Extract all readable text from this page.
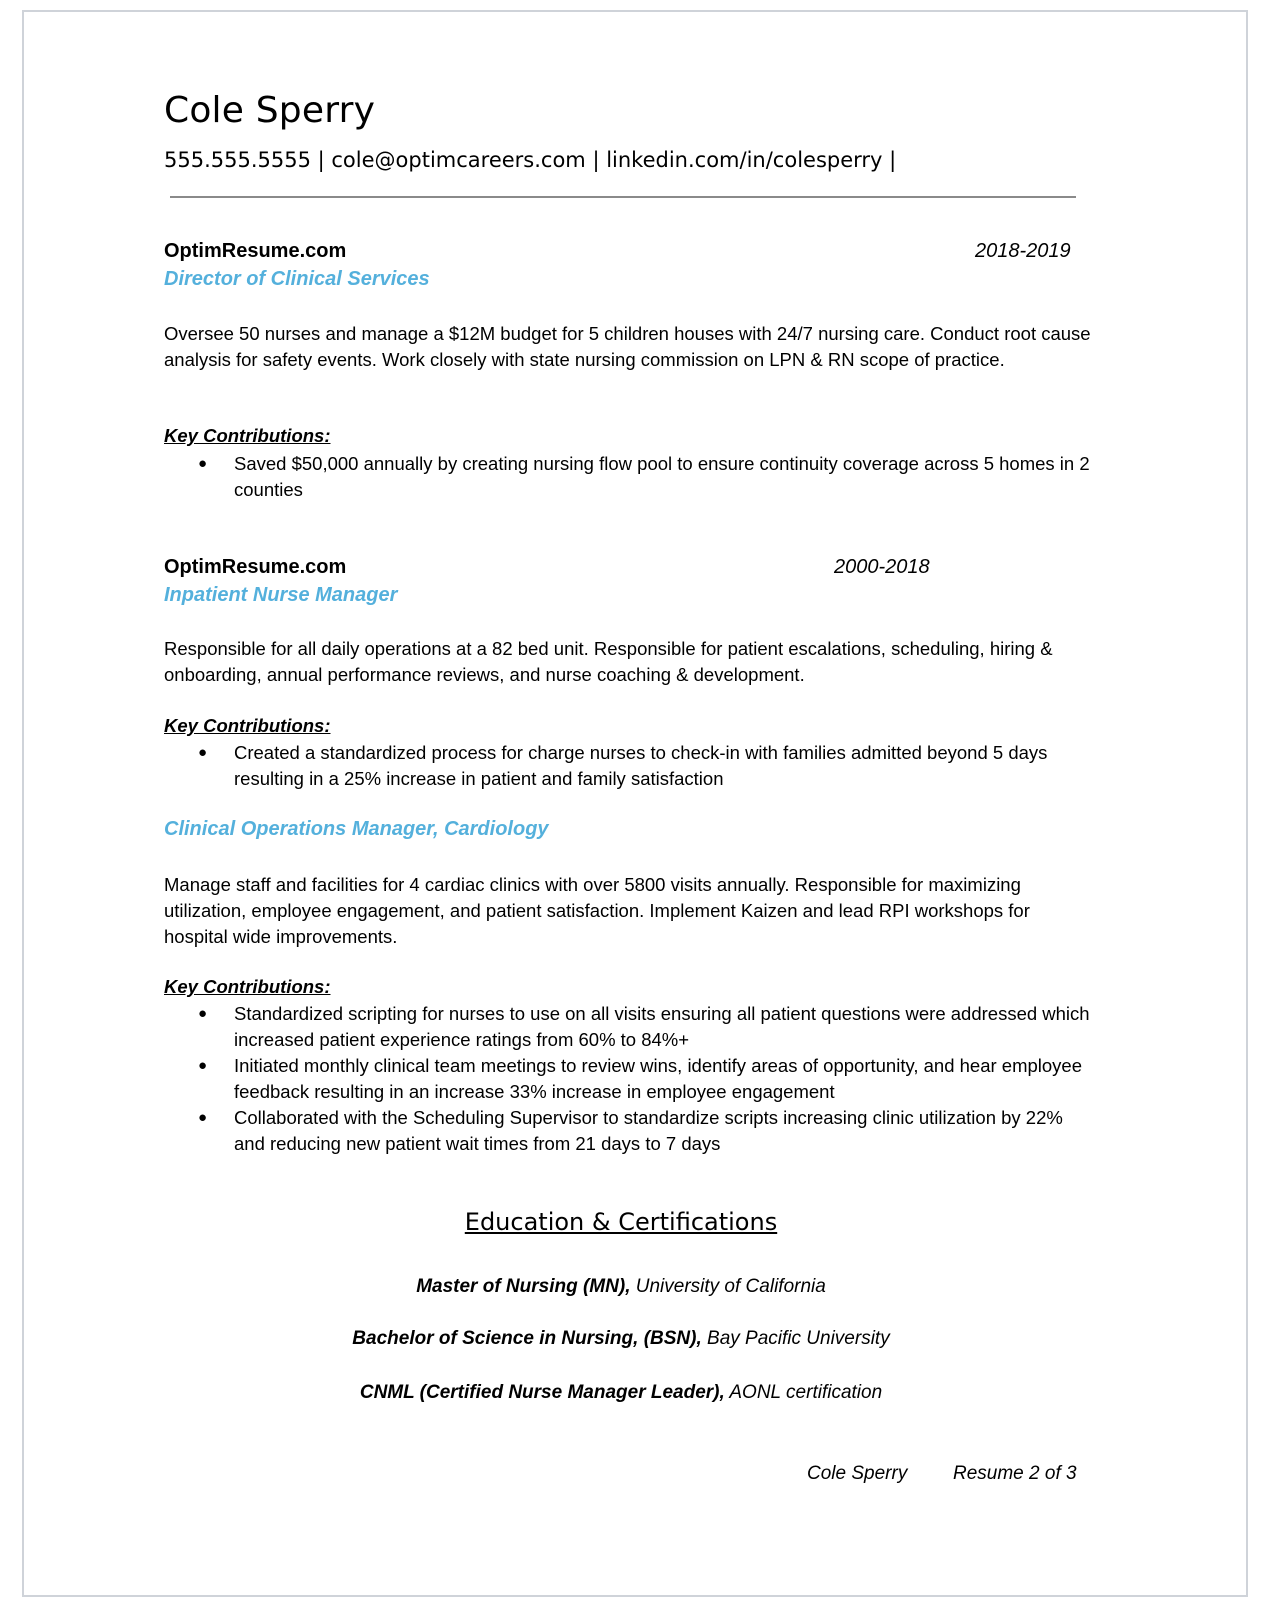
Cole Sperry
555.555.5555 | cole@optimcareers.com | linkedin.com/in/colesperry |
OptimResume.com	2018-2019
Director of Clinical Services
Oversee 50 nurses and manage a $12M budget for 5 children houses with 24/7 nursing care. Conduct root cause analysis for safety events. Work closely with state nursing commission on LPN & RN scope of practice.
Key Contributions:
● Saved $50,000 annually by creating nursing flow pool to ensure continuity coverage across 5 homes in 2 counties
OptimResume.com	2000-2018
Inpatient Nurse Manager
Responsible for all daily operations at a 82 bed unit. Responsible for patient escalations, scheduling, hiring & onboarding, annual performance reviews, and nurse coaching & development.
Key Contributions:
● Created a standardized process for charge nurses to check-in with families admitted beyond 5 days resulting in a 25% increase in patient and family satisfaction
Clinical Operations Manager, Cardiology
Manage staff and facilities for 4 cardiac clinics with over 5800 visits annually. Responsible for maximizing utilization, employee engagement, and patient satisfaction. Implement Kaizen and lead RPI workshops for hospital wide improvements.
Key Contributions:
● Standardized scripting for nurses to use on all visits ensuring all patient questions were addressed which increased patient experience ratings from 60% to 84%+
● Initiated monthly clinical team meetings to review wins, identify areas of opportunity, and hear employee feedback resulting in an increase 33% increase in employee engagement
● Collaborated with the Scheduling Supervisor to standardize scripts increasing clinic utilization by 22% and reducing new patient wait times from 21 days to 7 days
Education & Certifications
Master of Nursing (MN), University of California
Bachelor of Science in Nursing, (BSN), Bay Pacific University
CNML (Certified Nurse Manager Leader), AONL certification
Cole Sperry Resume 2 of 3
